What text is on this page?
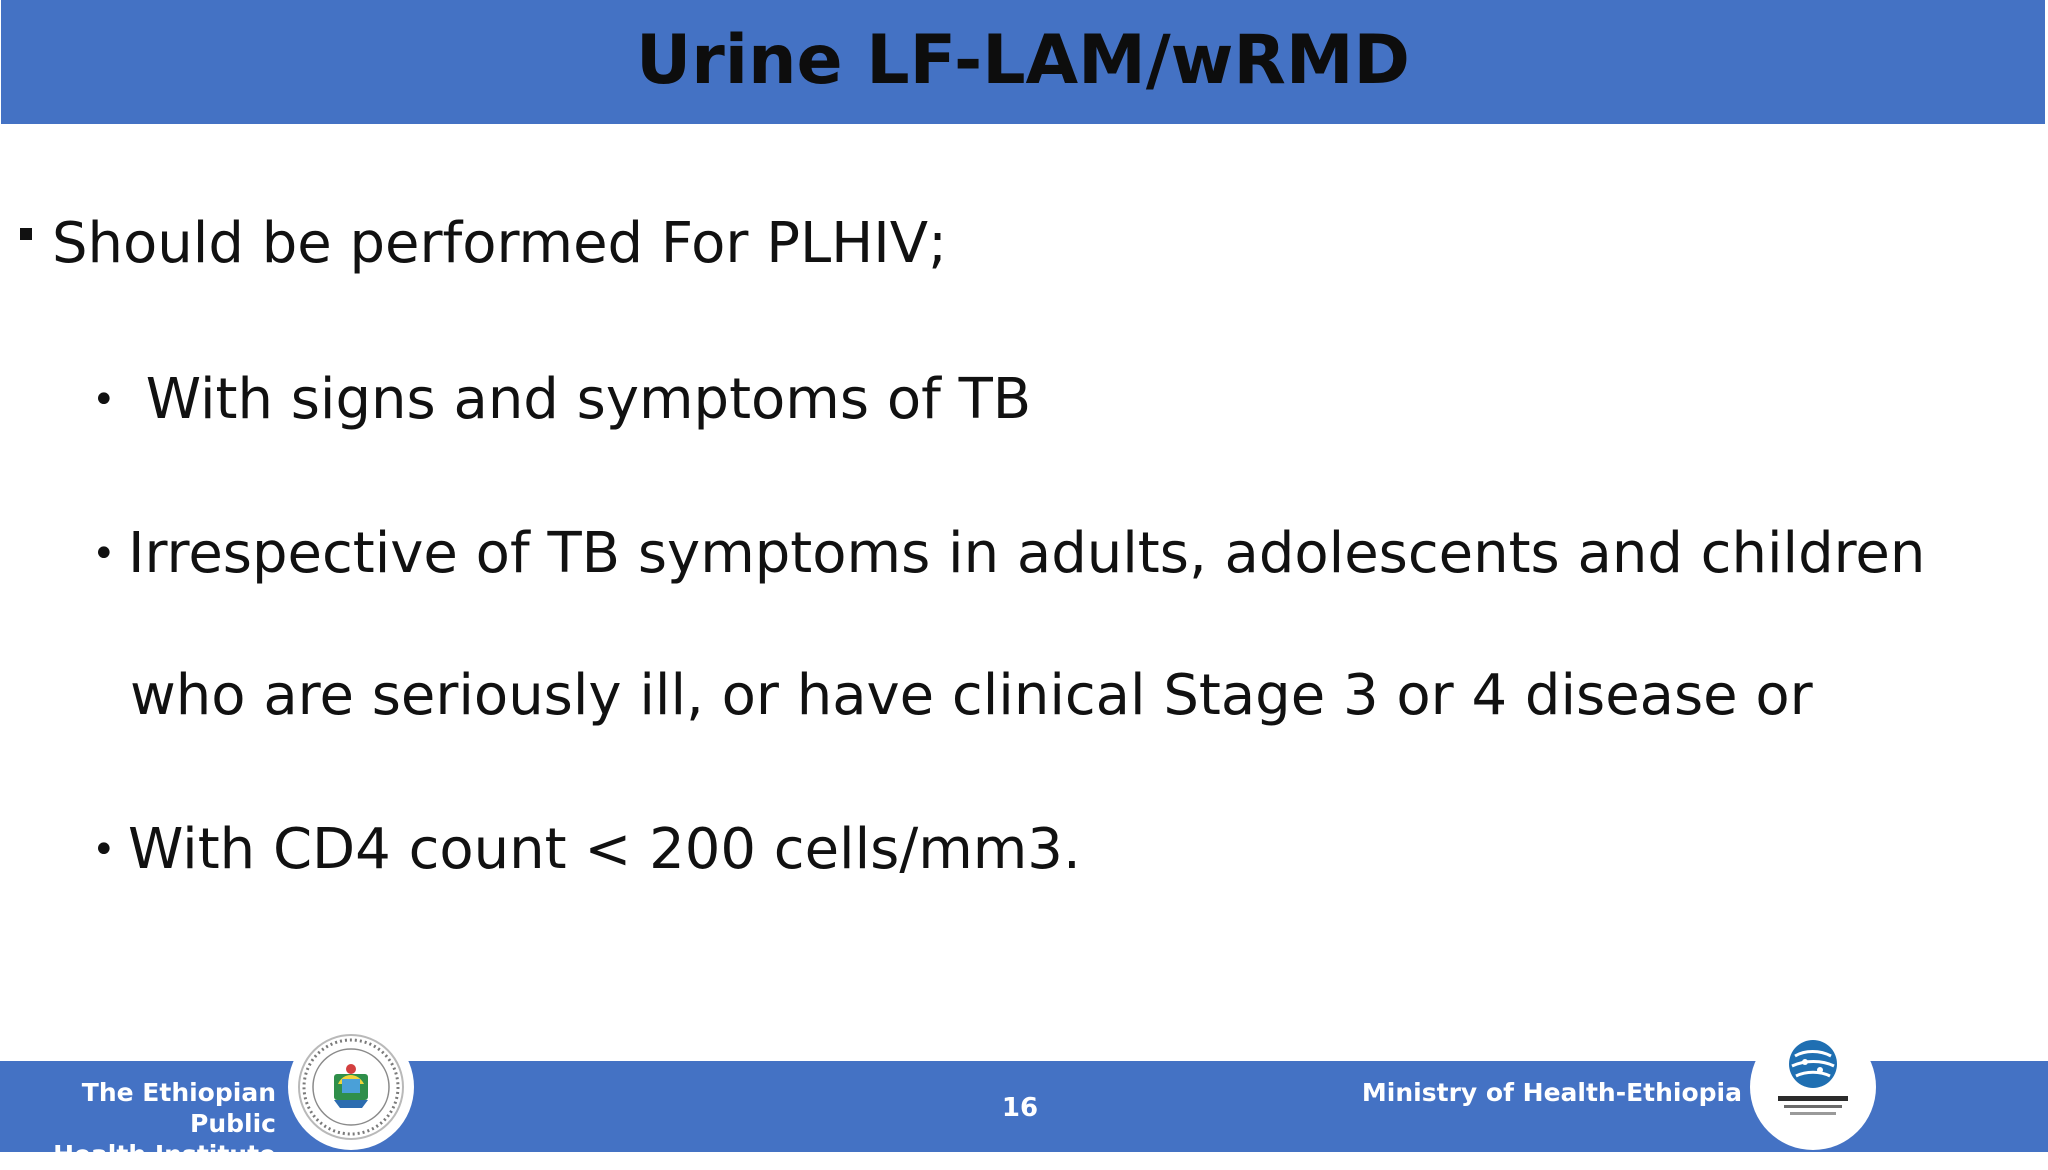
Urine LF-LAM/wRMD
Should be performed For PLHIV;
• With signs and symptoms of TB
• Irrespective of TB symptoms in adults, adolescents and children
who are seriously ill, or have clinical Stage 3 or 4 disease or
• With CD4 count < 200 cells/mm3.
The Ethiopian Public
Health Institute
16
Ministry of Health-Ethiopia
